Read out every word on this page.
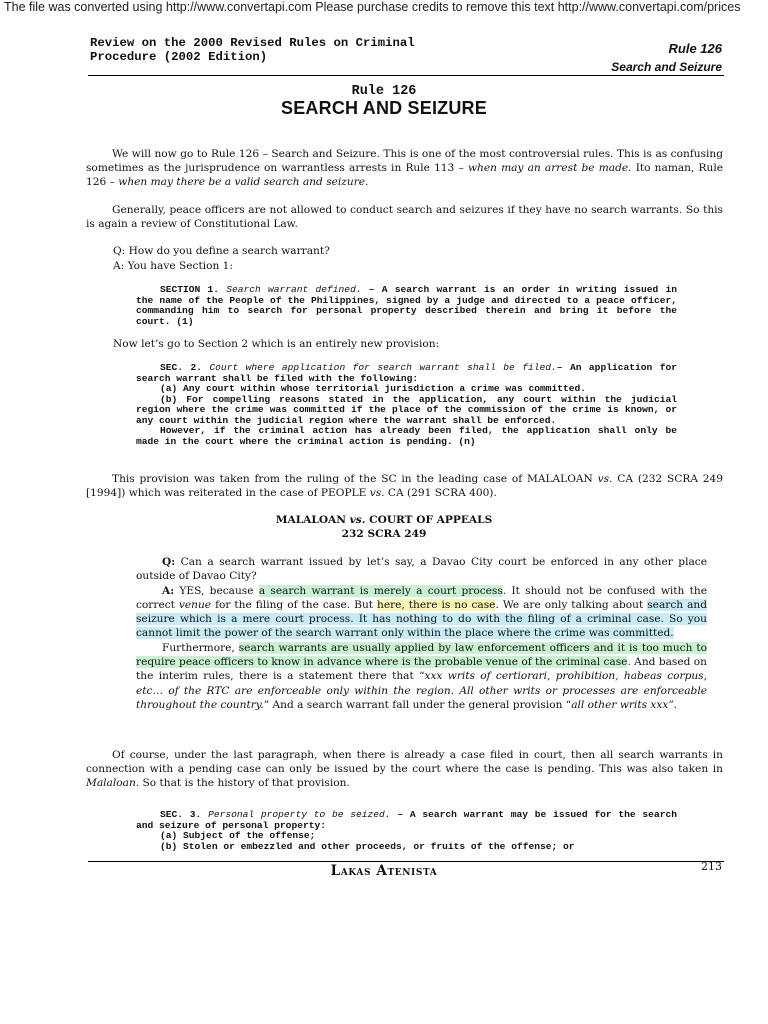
The file was converted using http://www.convertapi.com Please purchase credits to remove this text http://www.convertapi.com/prices
Review on the 2000 Revised Rules on Criminal
Procedure (2002 Edition)
Rule 126
Search and Seizure
Rule 126
SEARCH AND SEIZURE
We will now go to Rule 126 – Search and Seizure. This is one of the most controversial rules. This is as confusing sometimes as the jurisprudence on warrantless arrests in Rule 113 – when may an arrest be made. Ito naman, Rule 126 – when may there be a valid search and seizure.
Generally, peace officers are not allowed to conduct search and seizures if they have no search warrants. So this is again a review of Constitutional Law.
Q: How do you define a search warrant?
A: You have Section 1:
SECTION 1. Search warrant defined. – A search warrant is an order in writing issued in the name of the People of the Philippines, signed by a judge and directed to a peace officer, commanding him to search for personal property described therein and bring it before the court. (1)
Now let’s go to Section 2 which is an entirely new provision:
SEC. 2. Court where application for search warrant shall be filed.– An application for search warrant shall be filed with the following:
(a) Any court within whose territorial jurisdiction a crime was committed.
(b) For compelling reasons stated in the application, any court within the judicial region where the crime was committed if the place of the commission of the crime is known, or any court within the judicial region where the warrant shall be enforced.
However, if the criminal action has already been filed, the application shall only be made in the court where the criminal action is pending. (n)
This provision was taken from the ruling of the SC in the leading case of MALALOAN vs. CA (232 SCRA 249 [1994]) which was reiterated in the case of PEOPLE vs. CA (291 SCRA 400).
MALALOAN vs. COURT OF APPEALS
232 SCRA 249
Q: Can a search warrant issued by let’s say, a Davao City court be enforced in any other place outside of Davao City?
A: YES, because a search warrant is merely a court process. It should not be confused with the correct venue for the filing of the case. But here, there is no case. We are only talking about search and seizure which is a mere court process. It has nothing to do with the filing of a criminal case. So you cannot limit the power of the search warrant only within the place where the crime was committed.
Furthermore, search warrants are usually applied by law enforcement officers and it is too much to require peace officers to know in advance where is the probable venue of the criminal case. And based on the interim rules, there is a statement there that “xxx writs of certiorari, prohibition, habeas corpus, etc… of the RTC are enforceable only within the region. All other writs or processes are enforceable throughout the country.” And a search warrant fall under the general provision “all other writs xxx”.
Of course, under the last paragraph, when there is already a case filed in court, then all search warrants in connection with a pending case can only be issued by the court where the case is pending. This was also taken in Malaloan. So that is the history of that provision.
SEC. 3. Personal property to be seized. – A search warrant may be issued for the search and seizure of personal property:
(a) Subject of the offense;
(b) Stolen or embezzled and other proceeds, or fruits of the offense; or
Lakas Atenista	213
